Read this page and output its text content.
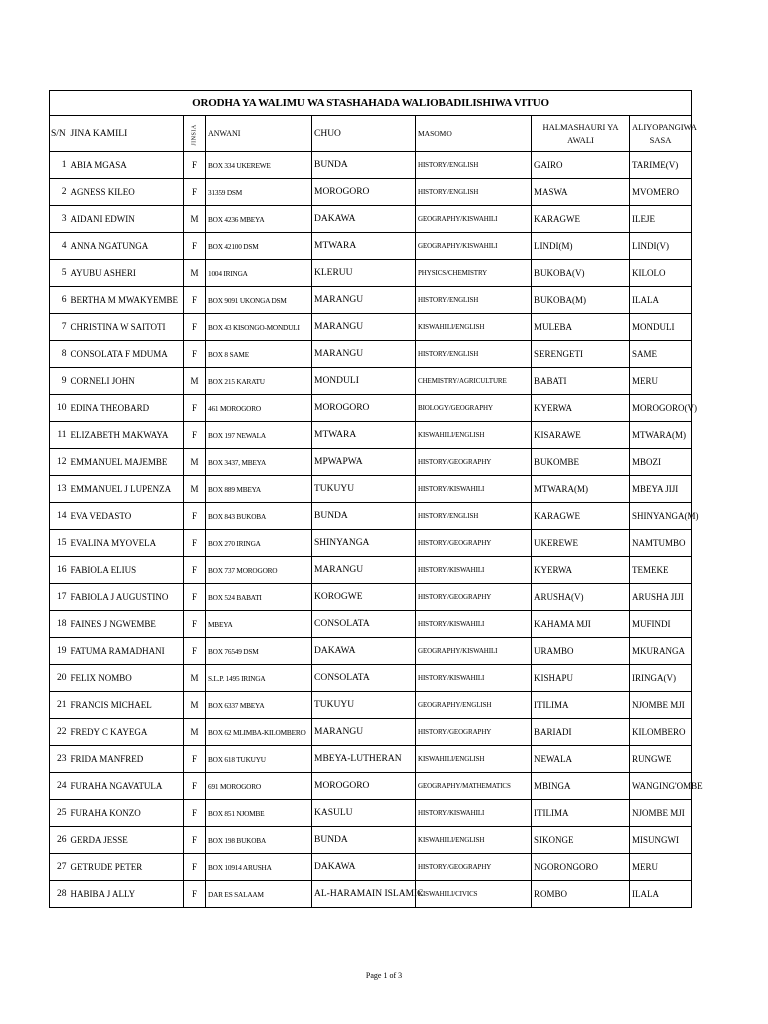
ORODHA YA WALIMU WA STASHAHADA WALIOBADILISHIWA VITUO							
S/N	JINA KAMILI	JINSIA	ANWANI	CHUO	MASOMO	HALMASHAURI YA AWALI	ALIYOPANGIWA SASA
1	ABIA MGASA	F	BOX 334 UKEREWE	BUNDA	HISTORY/ENGLISH	GAIRO	TARIME(V)
2	AGNESS KILEO	F	31359 DSM	MOROGORO	HISTORY/ENGLISH	MASWA	MVOMERO
3	AIDANI EDWIN	M	BOX 4236 MBEYA	DAKAWA	GEOGRAPHY/KISWAHILI	KARAGWE	ILEJE
4	ANNA NGATUNGA	F	BOX 42100 DSM	MTWARA	GEOGRAPHY/KISWAHILI	LINDI(M)	LINDI(V)
5	AYUBU ASHERI	M	1004 IRINGA	KLERUU	PHYSICS/CHEMISTRY	BUKOBA(V)	KILOLO
6	BERTHA M MWAKYEMBE	F	BOX 9091 UKONGA DSM	MARANGU	HISTORY/ENGLISH	BUKOBA(M)	ILALA
7	CHRISTINA W SAITOTI	F	BOX 43 KISONGO-MONDULI	MARANGU	KISWAHILI/ENGLISH	MULEBA	MONDULI
8	CONSOLATA F MDUMA	F	BOX 8 SAME	MARANGU	HISTORY/ENGLISH	SERENGETI	SAME
9	CORNELI JOHN	M	BOX 215 KARATU	MONDULI	CHEMISTRY/AGRICULTURE	BABATI	MERU
10	EDINA THEOBARD	F	461 MOROGORO	MOROGORO	BIOLOGY/GEOGRAPHY	KYERWA	MOROGORO(V)
11	ELIZABETH MAKWAYA	F	BOX 197 NEWALA	MTWARA	KISWAHILI/ENGLISH	KISARAWE	MTWARA(M)
12	EMMANUEL MAJEMBE	M	BOX 3437, MBEYA	MPWAPWA	HISTORY/GEOGRAPHY	BUKOMBE	MBOZI
13	EMMANUEL J LUPENZA	M	BOX 889 MBEYA	TUKUYU	HISTORY/KISWAHILI	MTWARA(M)	MBEYA JIJI
14	EVA VEDASTO	F	BOX 843 BUKOBA	BUNDA	HISTORY/ENGLISH	KARAGWE	SHINYANGA(M)
15	EVALINA MYOVELA	F	BOX 270 IRINGA	SHINYANGA	HISTORY/GEOGRAPHY	UKEREWE	NAMTUMBO
16	FABIOLA ELIUS	F	BOX 737 MOROGORO	MARANGU	HISTORY/KISWAHILI	KYERWA	TEMEKE
17	FABIOLA J AUGUSTINO	F	BOX 524 BABATI	KOROGWE	HISTORY/GEOGRAPHY	ARUSHA(V)	ARUSHA JIJI
18	FAINES J NGWEMBE	F	MBEYA	CONSOLATA	HISTORY/KISWAHILI	KAHAMA MJI	MUFINDI
19	FATUMA RAMADHANI	F	BOX 76549 DSM	DAKAWA	GEOGRAPHY/KISWAHILI	URAMBO	MKURANGA
20	FELIX NOMBO	M	S.L.P. 1495 IRINGA	CONSOLATA	HISTORY/KISWAHILI	KISHAPU	IRINGA(V)
21	FRANCIS MICHAEL	M	BOX 6337 MBEYA	TUKUYU	GEOGRAPHY/ENGLISH	ITILIMA	NJOMBE MJI
22	FREDY C KAYEGA	M	BOX 62 MLIMBA-KILOMBERO	MARANGU	HISTORY/GEOGRAPHY	BARIADI	KILOMBERO
23	FRIDA MANFRED	F	BOX 618 TUKUYU	MBEYA-LUTHERAN	KISWAHILI/ENGLISH	NEWALA	RUNGWE
24	FURAHA NGAVATULA	F	691 MOROGORO	MOROGORO	GEOGRAPHY/MATHEMATICS	MBINGA	WANGING'OMBE
25	FURAHA KONZO	F	BOX 851 NJOMBE	KASULU	HISTORY/KISWAHILI	ITILIMA	NJOMBE MJI
26	GERDA JESSE	F	BOX 198 BUKOBA	BUNDA	KISWAHILI/ENGLISH	SIKONGE	MISUNGWI
27	GETRUDE PETER	F	BOX 10914 ARUSHA	DAKAWA	HISTORY/GEOGRAPHY	NGORONGORO	MERU
28	HABIBA J ALLY	F	DAR ES SALAAM	AL-HARAMAIN ISLAMIC	KISWAHILI/CIVICS	ROMBO	ILALA
Page 1 of 3
